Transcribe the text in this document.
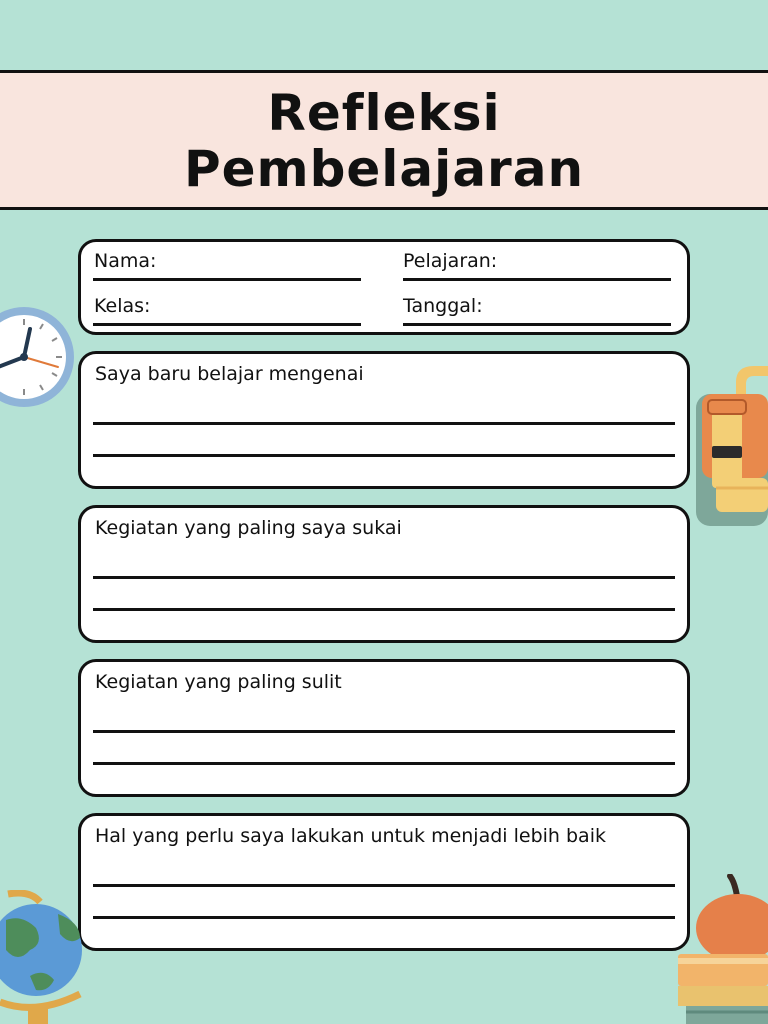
Refleksi
Pembelajaran
Nama:	Pelajaran:
Kelas:	Tanggal:
Saya baru belajar mengenai
Kegiatan yang paling saya sukai
Kegiatan yang paling sulit
Hal yang perlu saya lakukan untuk menjadi lebih baik
